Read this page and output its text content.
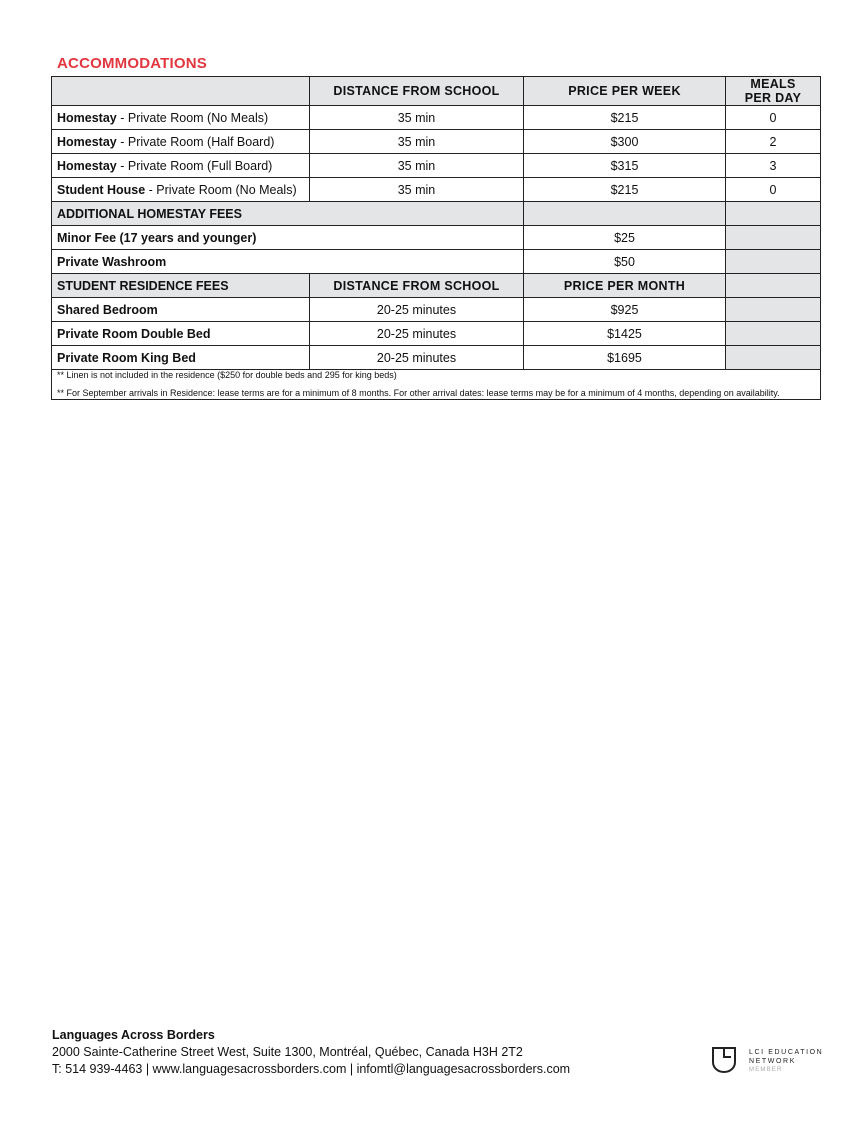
ACCOMMODATIONS
	DISTANCE FROM SCHOOL	PRICE PER WEEK	MEALS
PER DAY
Homestay - Private Room (No Meals)	35 min	$215	0
Homestay - Private Room (Half Board)	35 min	$300	2
Homestay - Private Room (Full Board)	35 min	$315	3
Student House - Private Room (No Meals)	35 min	$215	0
ADDITIONAL HOMESTAY FEES			
Minor Fee (17 years and younger)		$25	
Private Washroom		$50	
STUDENT RESIDENCE FEES	DISTANCE FROM SCHOOL	PRICE PER MONTH	
Shared Bedroom	20-25 minutes	$925	
Private Room Double Bed	20-25 minutes	$1425	
Private Room King Bed	20-25 minutes	$1695	

** Linen is not included in the residence ($250 for double beds and 295 for king beds)
** For September arrivals in Residence: lease terms are for a minimum of 8 months. For other arrival dates: lease terms may be for a minimum of 4 months, depending on availability.			
Languages Across Borders
2000 Sainte-Catherine Street West, Suite 1300, Montréal, Québec, Canada H3H 2T2
T: 514 939-4463 | www.languagesacrossborders.com | infomtl@languagesacrossborders.com
LCI EDUCATION
NETWORK
MEMBER
